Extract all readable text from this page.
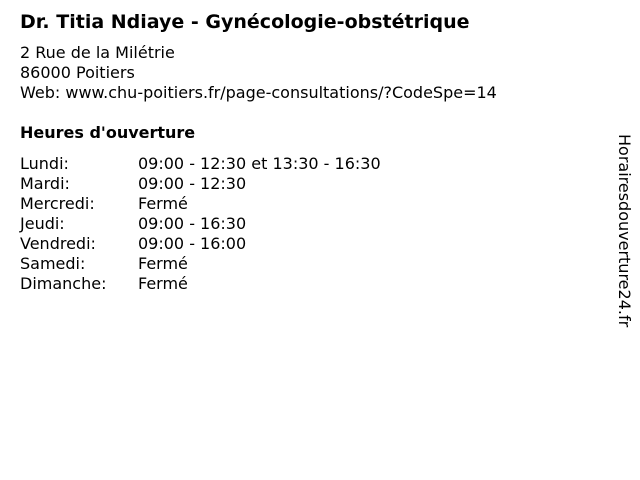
Dr. Titia Ndiaye - Gynécologie-obstétrique
2 Rue de la Milétrie
86000 Poitiers
Web: www.chu-poitiers.fr/page-consultations/?CodeSpe=14
Heures d'ouverture
Lundi:	09:00 - 12:30 et 13:30 - 16:30
Mardi:	09:00 - 12:30
Mercredi:	Fermé
Jeudi:	09:00 - 16:30
Vendredi:	09:00 - 16:00
Samedi:	Fermé
Dimanche:	Fermé	Horairesdouverture24.fr
